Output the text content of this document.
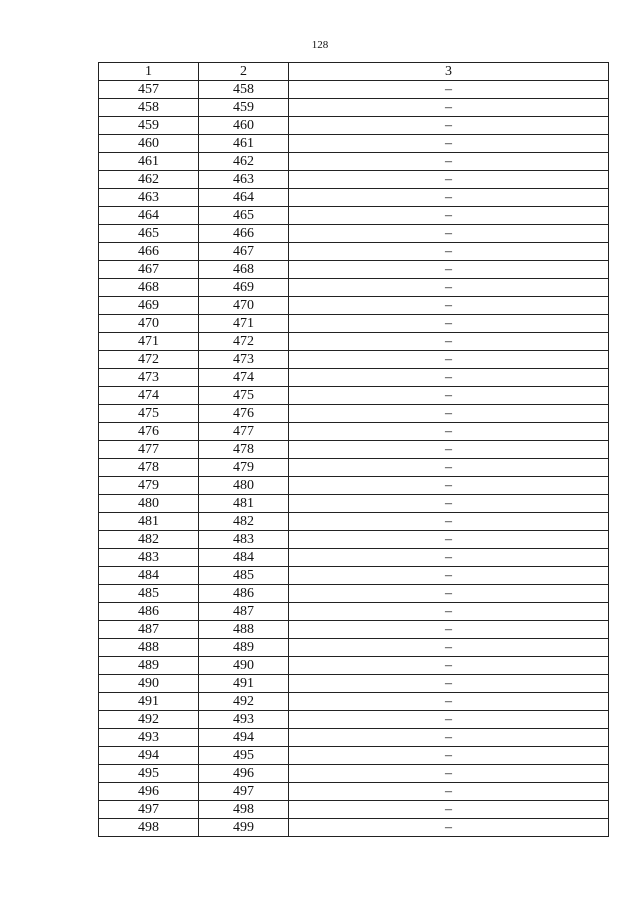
128
1	2	3
457	458	–
458	459	–
459	460	–
460	461	–
461	462	–
462	463	–
463	464	–
464	465	–
465	466	–
466	467	–
467	468	–
468	469	–
469	470	–
470	471	–
471	472	–
472	473	–
473	474	–
474	475	–
475	476	–
476	477	–
477	478	–
478	479	–
479	480	–
480	481	–
481	482	–
482	483	–
483	484	–
484	485	–
485	486	–
486	487	–
487	488	–
488	489	–
489	490	–
490	491	–
491	492	–
492	493	–
493	494	–
494	495	–
495	496	–
496	497	–
497	498	–
498	499	–
